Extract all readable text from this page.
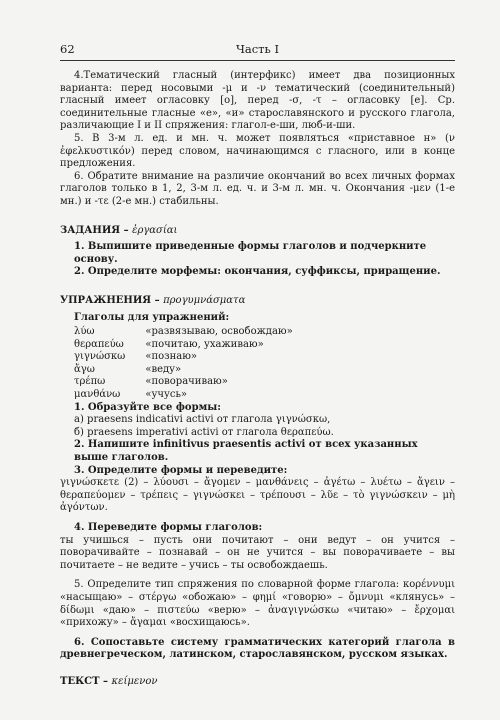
62	Часть I

4.Тематический гласный (интерфикс) имеет два позиционных варианта: перед носовыми -μ и -ν тематический (соединительный) гласный имеет огласовку [о], перед -σ, -τ – огласовку [е]. Ср. соединительные гласные «е», «и» старославянского и русского глагола, различающие I и II спряжения: глагол-е-ши, люб-и-ши.

5. В 3-м л. ед. и мн. ч. может появляться «приставное н» (ν ἐφελκυστικόν) перед словом, начинающимся с гласного, или в конце предложения.

6. Обратите внимание на различие окончаний во всех личных формах глаголов только в 1, 2, 3-м л. ед. ч. и 3-м л. мн. ч. Окончания -μεν (1-е мн.) и -τε (2-е мн.) стабильны.

ЗАДАНИЯ – ἐργασίαι

1. Выпишите приведенные формы глаголов и подчеркните основу.

2. Определите морфемы: окончания, суффиксы, приращение.

УПРАЖНЕНИЯ – προγυμνάσματα

Глаголы для упражнений:

λύω	«развязываю, освобождаю»
θεραπεύω	«почитаю, ухаживаю»
γιγνώσκω	«познаю»
ἄγω	«веду»
τρέπω	«поворачиваю»
μανθάνω	«учусь»

1. Образуйте все формы:

а) praesens indicativi activi от глагола γιγνώσκω,

б) praesens imperativi activi от глагола θεραπεύω.

2. Напишите infinitivus praesentis activi от всех указанных выше глаголов.

3. Определите формы и переведите:

γιγνώσκετε (2) – λύουσι – ἄγομεν – μανθάνεις – ἀγέτω – λυέτω – ἄγειν – θεραπεύομεν – τρέπεις – γιγνώσκει – τρέπουσι – λῦε – τὸ γιγνώσκειν – μὴ ἀγόντων.

4. Переведите формы глаголов:

ты учишься – пусть они почитают – они ведут – он учится – поворачивайте – познавай – он не учится – вы поворачиваете – вы почитаете – не ведите – учись – ты освобождаешь.

5. Определите тип спряжения по словарной форме глагола: κορέννυμι «насыщаю» – στέργω «обожаю» – φημί «говорю» – ὄμνυμι «клянусь» – δίδωμι «даю» – πιστεύω «верю» – ἀναγιγνώσκω «читаю» – ἔρχομαι «прихожу» – ἄγαμαι «восхищаюсь».

6. Сопоставьте систему грамматических категорий глагола в древнегреческом, латинском, старославянском, русском языках.

ТЕКСТ – κείμενον
